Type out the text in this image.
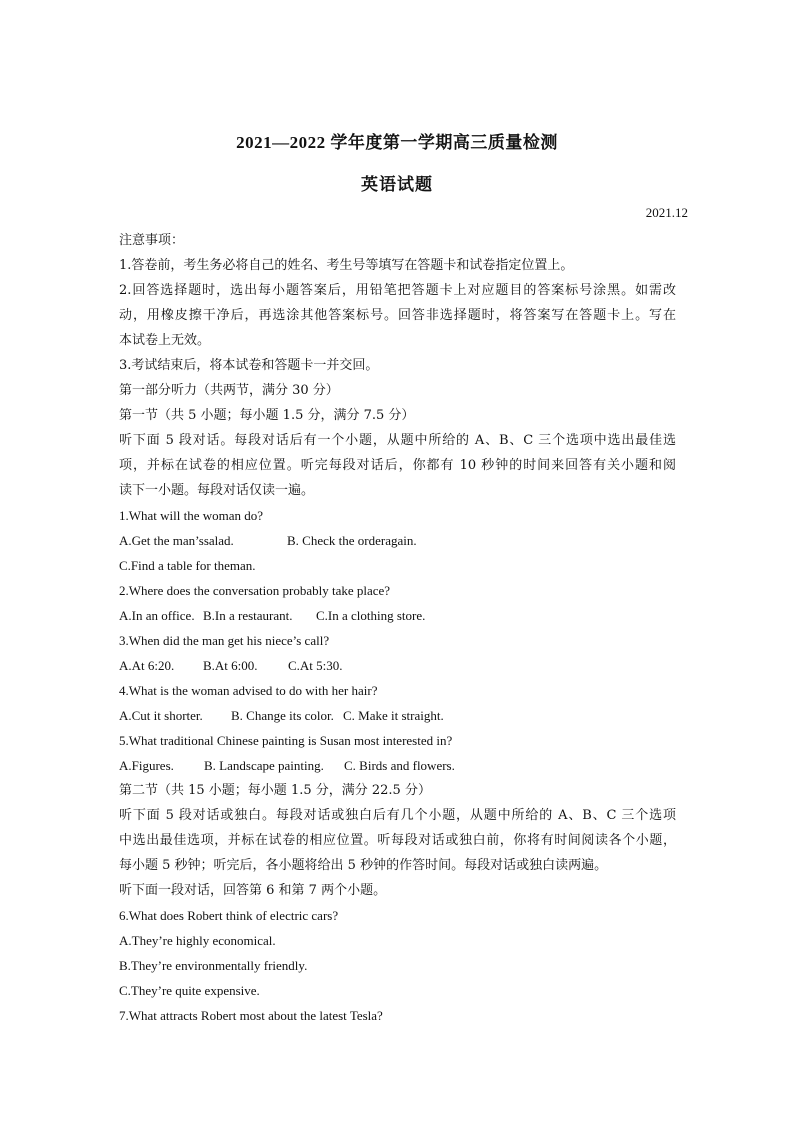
2021—2022 学年度第一学期高三质量检测
英语试题
2021.12
注意事项：
1.答卷前，考生务必将自己的姓名、考生号等填写在答题卡和试卷指定位置上。
2.回答选择题时，选出每小题答案后，用铅笔把答题卡上对应题目的答案标号涂黑。如需改
动，用橡皮擦干净后，再选涂其他答案标号。回答非选择题时，将答案写在答题卡上。写在
本试卷上无效。
3.考试结束后，将本试卷和答题卡一并交回。
第一部分听力（共两节，满分 30 分）
第一节（共 5 小题；每小题 1.5 分，满分 7.5 分）
听下面 5 段对话。每段对话后有一个小题，从题中所给的 A、B、C 三个选项中选出最佳选
项，并标在试卷的相应位置。听完每段对话后，你都有 10 秒钟的时间来回答有关小题和阅
读下一小题。每段对话仅读一遍。
1.What will the woman do?
A.Get the man’ssalad.	B. Check the orderagain.
C.Find a table for theman.
2.Where does the conversation probably take place?
A.In an office. B.In a restaurant.	C.In a clothing store.
3.When did the man get his niece’s call?
A.At 6:20.	B.At 6:00.	C.At 5:30.
4.What is the woman advised to do with her hair?
A.Cut it shorter.	B. Change its color. C. Make it straight.
5.What traditional Chinese painting is Susan most interested in?
A.Figures.	B. Landscape painting.	C. Birds and flowers.
第二节（共 15 小题；每小题 1.5 分，满分 22.5 分）
听下面 5 段对话或独白。每段对话或独白后有几个小题，从题中所给的 A、B、C 三个选项
中选出最佳选项，并标在试卷的相应位置。听每段对话或独白前，你将有时间阅读各个小题，
每小题 5 秒钟；听完后，各小题将给出 5 秒钟的作答时间。每段对话或独白读两遍。
听下面一段对话，回答第 6 和第 7 两个小题。
6.What does Robert think of electric cars?
A.They’re highly economical.
B.They’re environmentally friendly.
C.They’re quite expensive.
7.What attracts Robert most about the latest Tesla?
